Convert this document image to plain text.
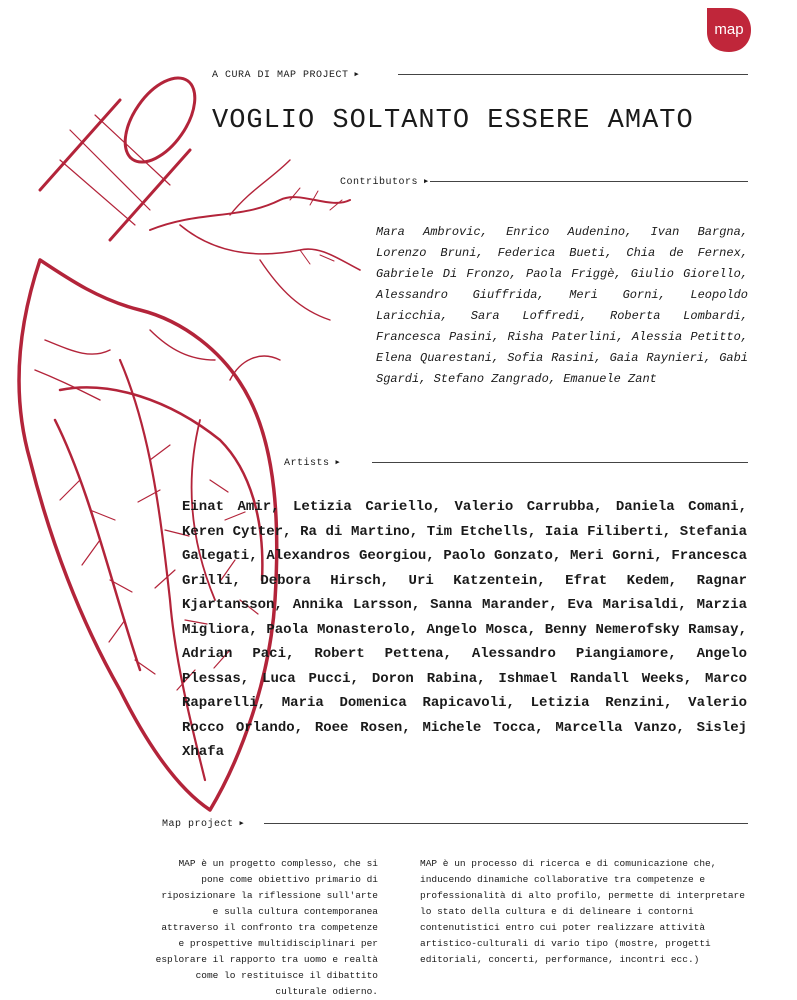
map
A CURA DI MAP PROJECT ▶
VOGLIO SOLTANTO ESSERE AMATO
Contributors ▶
Mara Ambrovic, Enrico Audenino, Ivan Bargna, Lorenzo Bruni, Federica Bueti, Chia de Fernex, Gabriele Di Fronzo, Paola Friggè, Giulio Giorello, Alessandro Giuffrida, Meri Gorni, Leopoldo Laricchia, Sara Loffredi, Roberta Lombardi, Francesca Pasini, Risha Paterlini, Alessia Petitto, Elena Quarestani, Sofia Rasini, Gaia Raynieri, Gabi Sgardi, Stefano Zangrado, Emanuele Zant
Artists ▶
Einat Amir, Letizia Cariello, Valerio Carrubba, Daniela Comani, Keren Cytter, Ra di Martino, Tim Etchells, Iaia Filiberti, Stefania Galegati, Alexandros Georgiou, Paolo Gonzato, Meri Gorni, Francesca Grilli, Debora Hirsch, Uri Katzentein, Efrat Kedem, Ragnar Kjartansson, Annika Larsson, Sanna Marander, Eva Marisaldi, Marzia Migliora, Paola Monasterolo, Angelo Mosca, Benny Nemerofsky Ramsay, Adrian Paci, Robert Pettena, Alessandro Piangiamore, Angelo Plessas, Luca Pucci, Doron Rabina, Ishmael Randall Weeks, Marco Raparelli, Maria Domenica Rapicavoli, Letizia Renzini, Valerio Rocco Orlando, Roee Rosen, Michele Tocca, Marcella Vanzo, Sislej Xhafa
Map project ▶
MAP è un progetto complesso, che si pone come obiettivo primario di riposizionare la riflessione sull'arte e sulla cultura contemporanea attraverso il confronto tra competenze e prospettive multidisciplinari per esplorare il rapporto tra uomo e realtà come lo restituisce il dibattito culturale odierno.
MAP è un processo di ricerca e di comunicazione che, inducendo dinamiche collaborative tra competenze e professionalità di alto profilo, permette di interpretare lo stato della cultura e di delineare i contorni contenutistici entro cui poter realizzare attività artistico-culturali di vario tipo (mostre, progetti editoriali, concerti, performance, incontri ecc.)
